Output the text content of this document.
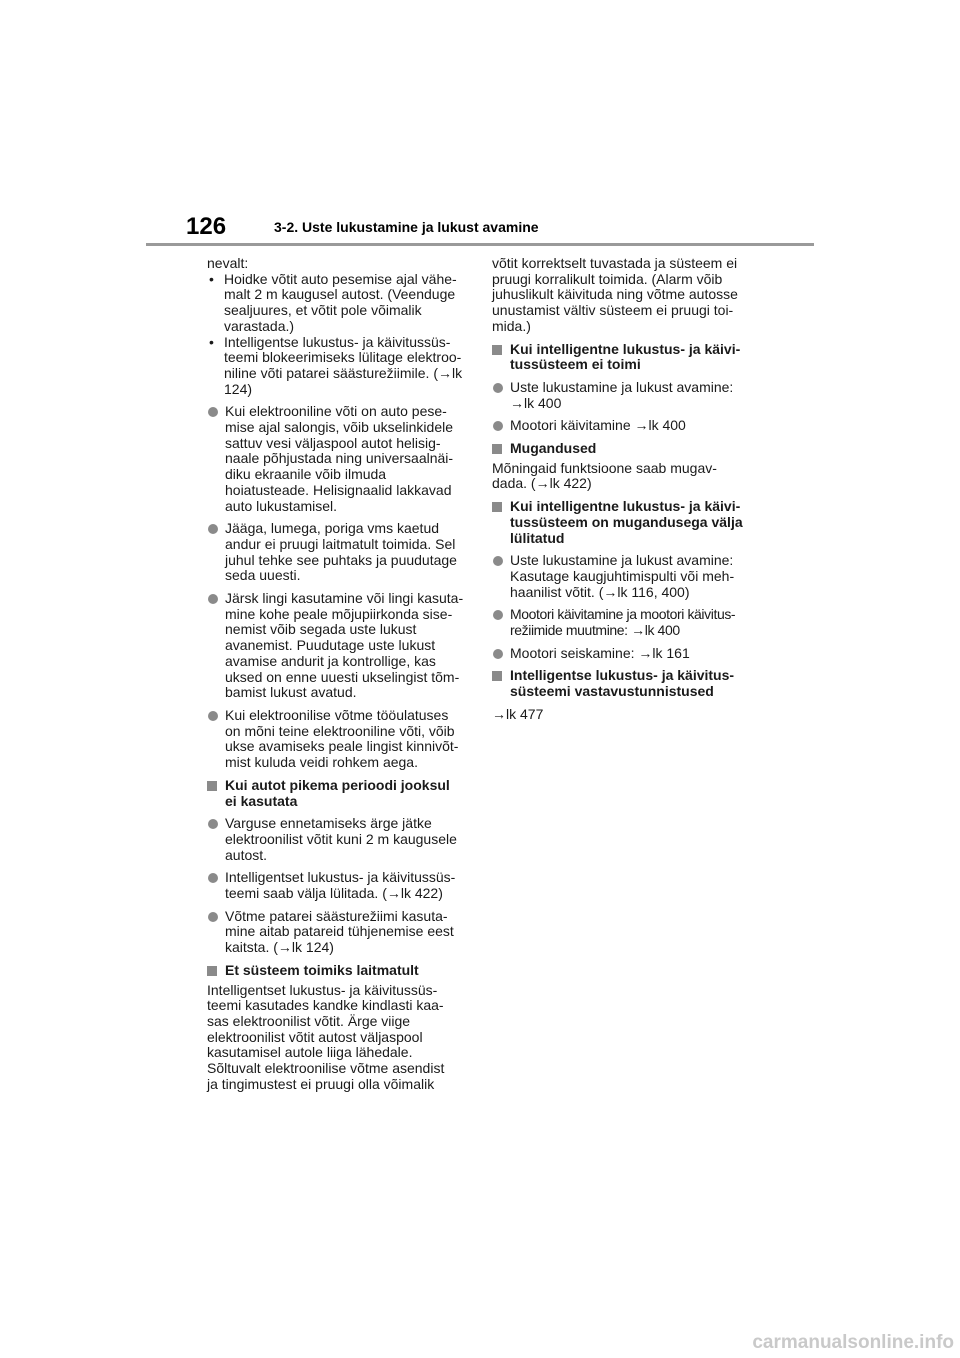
126	3-2. Uste lukustamine ja lukust avamine

nevalt:

• Hoidke võtit auto pesemise ajal vähe-
malt 2 m kaugusel autost. (Veenduge
sealjuures, et võtit pole võimalik
varastada.)
• Intelligentse lukustus- ja käivitussüs-
teemi blokeerimiseks lülitage elektroo-
niline võti patarei säästurežiimile. (→lk
124)
Kui elektrooniline võti on auto pese-
mise ajal salongis, võib ukselinkidele
sattuv vesi väljaspool autot helisig-
naale põhjustada ning universaalnäi-
diku ekraanile võib ilmuda
hoiatusteade. Helisignaalid lakkavad
auto lukustamisel.
Jääga, lumega, poriga vms kaetud
andur ei pruugi laitmatult toimida. Sel
juhul tehke see puhtaks ja puudutage
seda uuesti.
Järsk lingi kasutamine või lingi kasuta-
mine kohe peale mõjupiirkonda sise-
nemist võib segada uste lukust
avanemist. Puudutage uste lukust
avamise andurit ja kontrollige, kas
uksed on enne uuesti ukselingist tõm-
bamist lukust avatud.
Kui elektroonilise võtme tööulatuses
on mõni teine elektrooniline võti, võib
ukse avamiseks peale lingist kinnivõt-
mist kuluda veidi rohkem aega.
Kui autot pikema perioodi jooksul
ei kasutata
Varguse ennetamiseks ärge jätke
elektroonilist võtit kuni 2 m kaugusele
autost.
Intelligentset lukustus- ja käivitussüs-
teemi saab välja lülitada. (→lk 422)
Võtme patarei säästurežiimi kasuta-
mine aitab patareid tühjenemise eest
kaitsta. (→lk 124)
Et süsteem toimiks laitmatult

Intelligentset lukustus- ja käivitussüs-
teemi kasutades kandke kindlasti kaa-
sas elektroonilist võtit. Ärge viige
elektroonilist võtit autost väljaspool
kasutamisel autole liiga lähedale.
Sõltuvalt elektroonilise võtme asendist
ja tingimustest ei pruugi olla võimalik

võtit korrektselt tuvastada ja süsteem ei
pruugi korralikult toimida. (Alarm võib
juhuslikult käivituda ning võtme autosse
unustamist vältiv süsteem ei pruugi toi-
mida.)

Kui intelligentne lukustus- ja käivi-
tussüsteem ei toimi
Uste lukustamine ja lukust avamine:
→lk 400
Mootori käivitamine →lk 400
Mugandused

Mõningaid funktsioone saab mugav-
dada. (→lk 422)

Kui intelligentne lukustus- ja käivi-
tussüsteem on mugandusega välja
lülitatud
Uste lukustamine ja lukust avamine:
Kasutage kaugjuhtimispulti või meh-
haanilist võtit. (→lk 116, 400)
Mootori käivitamine ja mootori käivitus-
režiimide muutmine: →lk 400
Mootori seiskamine: →lk 161
Intelligentse lukustus- ja käivitus-
süsteemi vastavustunnistused

→lk 477

carmanualsonline.info
